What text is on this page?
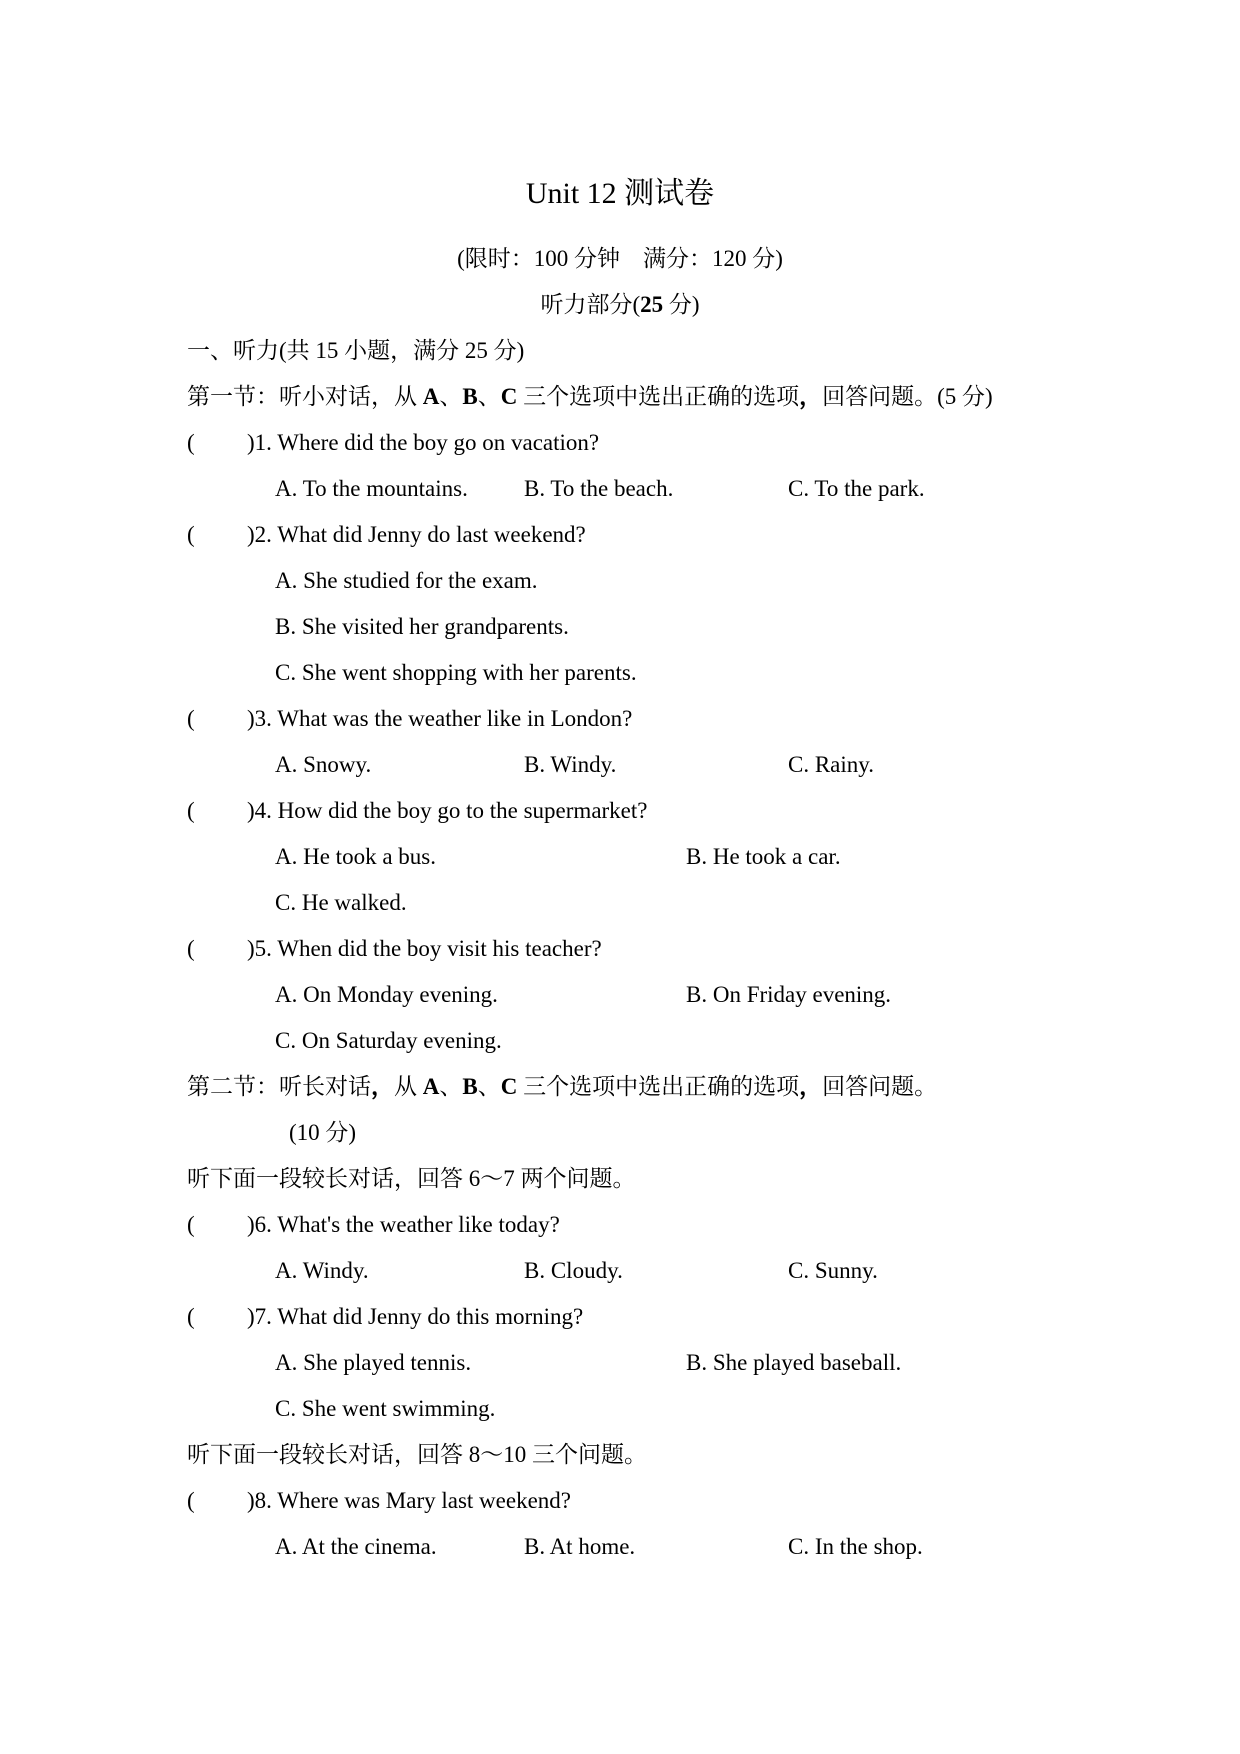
Unit 12 测试卷
(限时：100 分钟　满分：120 分)
听力部分(25 分)
一、听力(共 15 小题，满分 25 分)
第一节：听小对话，从 A、B、C 三个选项中选出正确的选项，回答问题。(5 分)
( )1. Where did the boy go on vacation?
A. To the mountains. B. To the beach.	C. To the park.
( )2. What did Jenny do last weekend?
A. She studied for the exam.
B. She visited her grandparents.
C. She went shopping with her parents.
( )3. What was the weather like in London?
A. Snowy.	B. Windy.	C. Rainy.
( )4. How did the boy go to the supermarket?
A. He took a bus.	B. He took a car.
C. He walked.
( )5. When did the boy visit his teacher?
A. On Monday evening.	B. On Friday evening.
C. On Saturday evening.
第二节：听长对话，从 A、B、C 三个选项中选出正确的选项，回答问题。
(10 分)
听下面一段较长对话，回答 6～7 两个问题。
( )6. What's the weather like today?
A. Windy.	B. Cloudy.	C. Sunny.
( )7. What did Jenny do this morning?
A. She played tennis.	B. She played baseball.
C. She went swimming.
听下面一段较长对话，回答 8～10 三个问题。
( )8. Where was Mary last weekend?
A. At the cinema.	B. At home.	C. In the shop.
